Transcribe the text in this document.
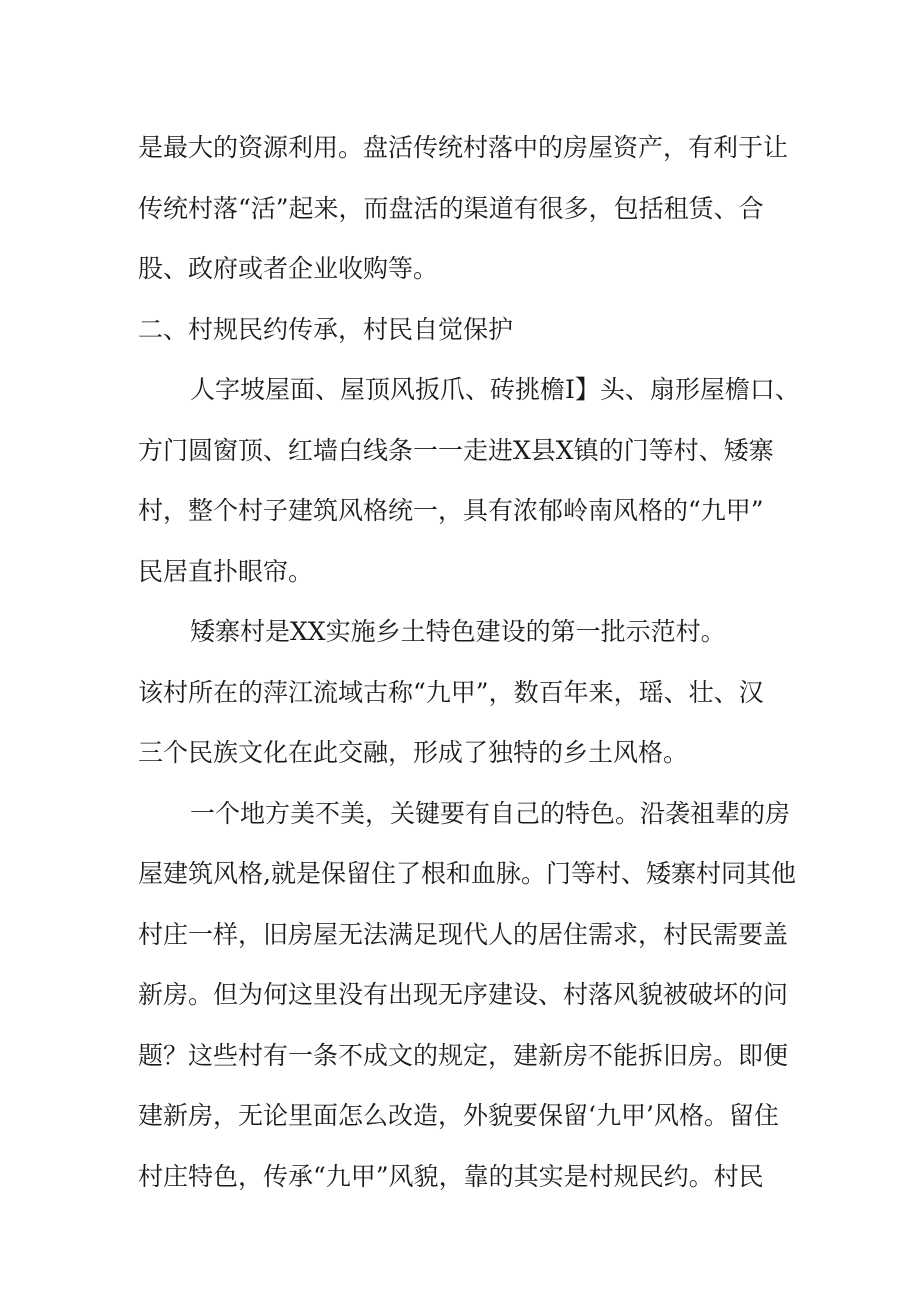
是最大的资源利用。盘活传统村落中的房屋资产，有利于让
传统村落“活”起来，而盘活的渠道有很多，包括租赁、合
股、政府或者企业收购等。
二、村规民约传承，村民自觉保护
人字坡屋面、屋顶风扳爪、砖挑檐Ⅰ】头、扇形屋檐口、
方门圆窗顶、红墙白线条一一走进X县X镇的门等村、矮寨
村，整个村子建筑风格统一，具有浓郁岭南风格的“九甲”
民居直扑眼帘。
矮寨村是XX实施乡土特色建设的第一批示范村。
该村所在的萍江流域古称“九甲”，数百年来，瑶、壮、汉
三个民族文化在此交融，形成了独特的乡土风格。
一个地方美不美，关键要有自己的特色。沿袭祖辈的房
屋建筑风格,就是保留住了根和血脉。门等村、矮寨村同其他
村庄一样，旧房屋无法满足现代人的居住需求，村民需要盖
新房。但为何这里没有出现无序建设、村落风貌被破坏的问
题？这些村有一条不成文的规定，建新房不能拆旧房。即便
建新房，无论里面怎么改造，外貌要保留‘九甲’风格。留住
村庄特色，传承“九甲”风貌，靠的其实是村规民约。村民
